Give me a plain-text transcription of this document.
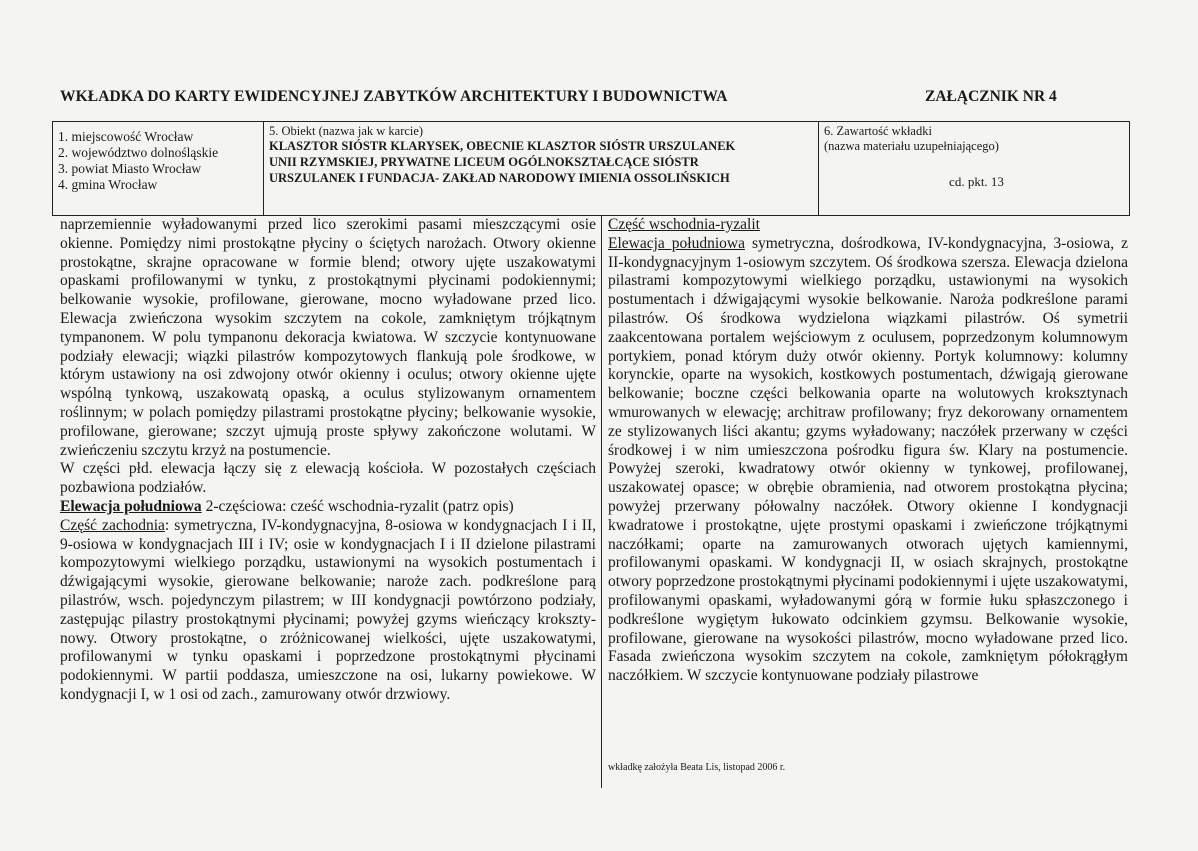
WKŁADKA DO KARTY EWIDENCYJNEJ ZABYTKÓW ARCHITEKTURY I BUDOWNICTWA	ZAŁĄCZNIK NR 4
1. miejscowość Wrocław
2. województwo dolnośląskie
3. powiat Miasto Wrocław
4. gmina Wrocław
5. Obiekt (nazwa jak w karcie)
KLASZTOR SIÓSTR KLARYSEK, OBECNIE KLASZTOR SIÓSTR URSZULANEK
UNII RZYMSKIEJ, PRYWATNE LICEUM OGÓLNOKSZTAŁCĄCE SIÓSTR
URSZULANEK I FUNDACJA- ZAKŁAD NARODOWY IMIENIA OSSOLIŃSKICH
6. Zawartość wkładki
(nazwa materiału uzupełniającego)
cd. pkt. 13

naprzemiennie wyładowanymi przed lico szerokimi pasami mieszczącymi osie okienne. Pomiędzy nimi prostokątne płyciny o ściętych narożach. Otwory okienne prostokątne, skrajne opracowane w formie blend; otwory ujęte uszakowatymi opaskami profilowanymi w tynku, z prostokątnymi płycinami podokiennymi; belkowanie wysokie, profilowane, gierowane, mocno wyładowane przed lico. Elewacja zwieńczona wysokim szczytem na cokole, zamkniętym trójkątnym tympanonem. W polu tympanonu dekoracja kwiatowa. W szczycie kontynuowane podziały elewacji; wiązki pilastrów kompozytowych flankują pole środkowe, w którym ustawiony na osi zdwojony otwór okienny i oculus; otwory okienne ujęte wspólną tynkową, uszakowatą opaską, a oculus stylizowanym ornamentem roślinnym; w polach pomiędzy pilastrami prostokątne płyciny; belkowanie wysokie, profilowane, gierowane; szczyt ujmują proste spływy zakończone wolutami. W zwieńczeniu szczytu krzyż na postumencie.

W części płd. elewacja łączy się z elewacją kościoła. W pozostałych częściach pozbawiona podziałów.

Elewacja południowa 2-częściowa: cześć wschodnia-ryzalit (patrz opis)

Część zachodnia: symetryczna, IV-kondygnacyjna, 8-osiowa w kondygnacjach I i II, 9-osiowa w kondygnacjach III i IV; osie w kondygnacjach I i II dzielone pilastrami kompozytowymi wielkiego porządku, ustawionymi na wysokich postumentach i dźwigającymi wysokie, gierowane belkowanie; naroże zach. podkreślone parą pilastrów, wsch. pojedynczym pilastrem; w III kondygnacji powtórzono podziały, zastępując pilastry prostokątnymi płycinami; powyżej gzyms wieńczący kroksztynowy. Otwory prostokątne, o zróżnicowanej wielkości, ujęte uszakowatymi, profilowanymi w tynku opaskami i poprzedzone prostokątnymi płycinami podokiennymi. W partii poddasza, umieszczone na osi, lukarny powiekowe. W kondygnacji I, w 1 osi od zach., zamurowany otwór drzwiowy.

Część wschodnia-ryzalit

Elewacja południowa symetryczna, dośrodkowa, IV-kondygnacyjna, 3-osiowa, z II-kondygnacyjnym 1-osiowym szczytem. Oś środkowa szersza. Elewacja dzielona pilastrami kompozytowymi wielkiego porządku, ustawionymi na wysokich postumentach i dźwigającymi wysokie belkowanie. Naroża podkreślone parami pilastrów. Oś środkowa wydzielona wiązkami pilastrów. Oś symetrii zaakcentowana portalem wejściowym z oculusem, poprzedzonym kolumnowym portykiem, ponad którym duży otwór okienny. Portyk kolumnowy: kolumny korynckie, oparte na wysokich, kostkowych postumentach, dźwigają gierowane belkowanie; boczne części belkowania oparte na wolutowych kroksztynach wmurowanych w elewację; architraw profilowany; fryz dekorowany ornamentem ze stylizowanych liści akantu; gzyms wyładowany; naczółek przerwany w części środkowej i w nim umieszczona pośrodku figura św. Klary na postumencie. Powyżej szeroki, kwadratowy otwór okienny w tynkowej, profilowanej, uszakowatej opasce; w obrębie obramienia, nad otworem prostokątna płycina; powyżej przerwany półowalny naczółek. Otwory okienne I kondygnacji kwadratowe i prostokątne, ujęte prostymi opaskami i zwieńczone trójkątnymi naczółkami; oparte na zamurowanych otworach ujętych kamiennymi, profilowanymi opaskami. W kondygnacji II, w osiach skrajnych, prostokątne otwory poprzedzone prostokątnymi płycinami podokiennymi i ujęte uszakowatymi, profilowanymi opaskami, wyładowanymi górą w formie łuku spłaszczonego i podkreślone wygiętym łukowato odcinkiem gzymsu. Belkowanie wysokie, profilowane, gierowane na wysokości pilastrów, mocno wyładowane przed lico. Fasada zwieńczona wysokim szczytem na cokole, zamkniętym półokrągłym naczółkiem. W szczycie kontynuowane podziały pilastrowe

wkładkę założyła Beata Lis, listopad 2006 r.
